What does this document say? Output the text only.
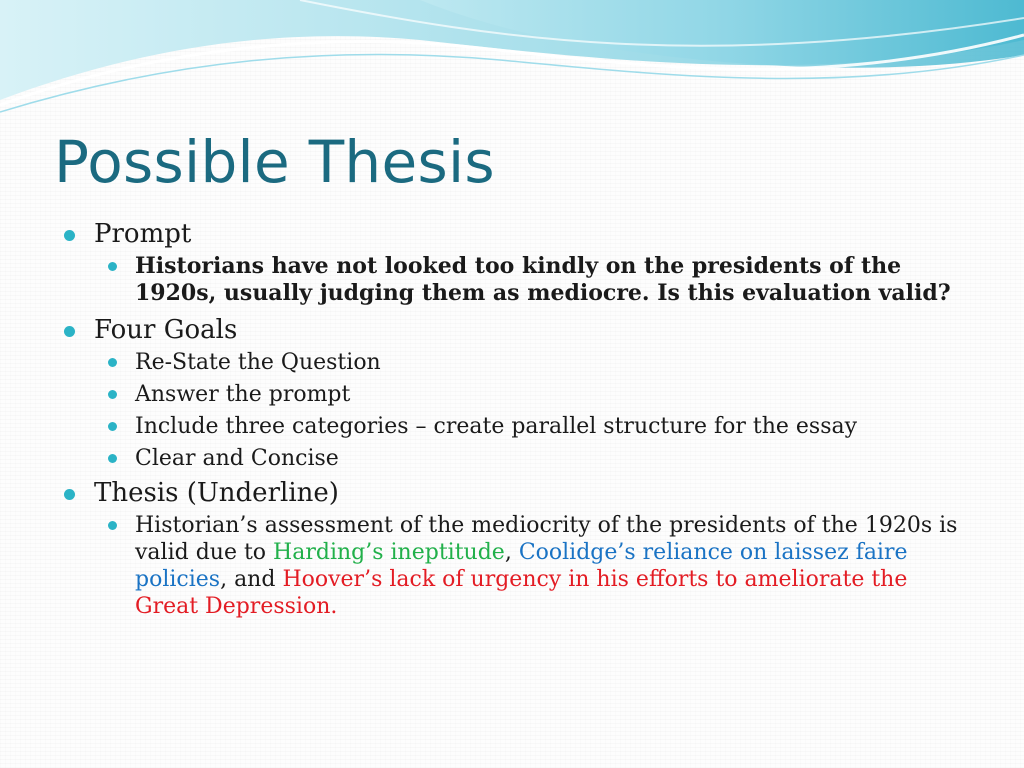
Possible Thesis
Prompt
Historians have not looked too kindly on the presidents of the 1920s, usually judging them as mediocre. Is this evaluation valid?
Four Goals
Re-State the Question
Answer the prompt
Include three categories – create parallel structure for the essay
Clear and Concise
Thesis (Underline)
Historian’s assessment of the mediocrity of the presidents of the 1920s is valid due to Harding’s ineptitude, Coolidge’s reliance on laissez faire policies, and Hoover’s lack of urgency in his efforts to ameliorate the Great Depression.
